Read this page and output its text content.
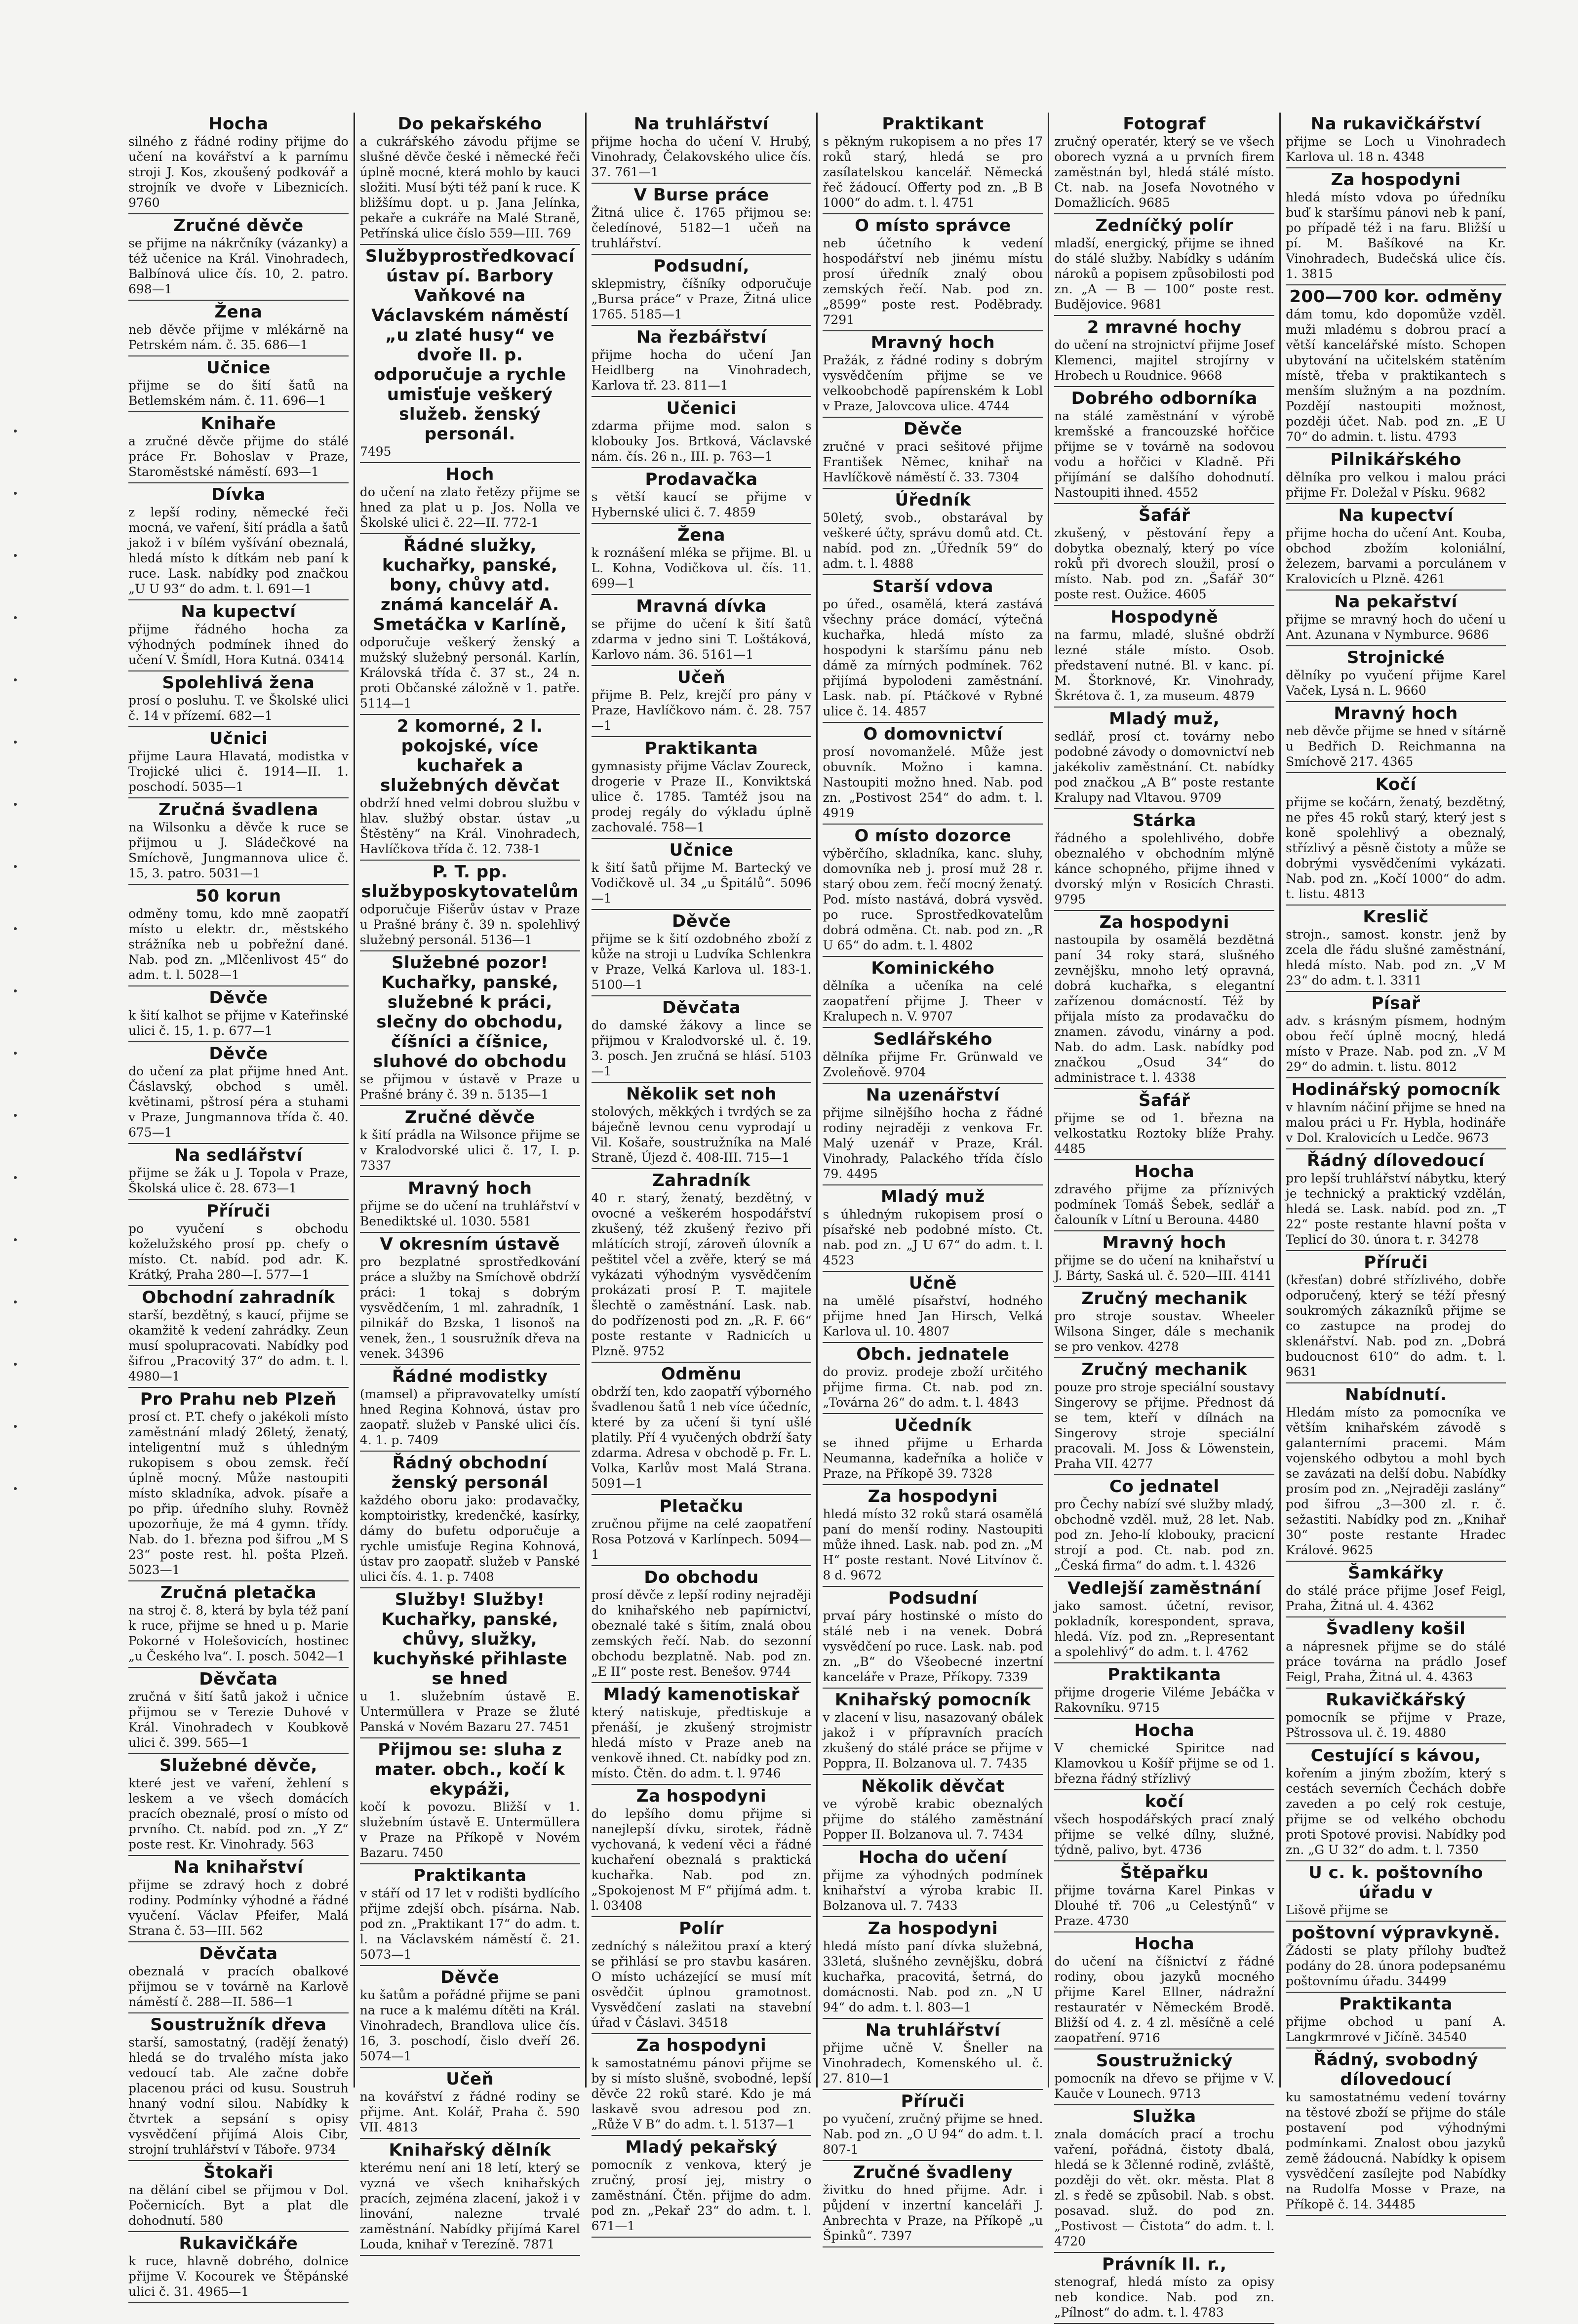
Hocha
silného z řádné rodiny přijme do učení na kovářství a k parnímu stroji J. Kos, zkoušený podkovář a strojník ve dvoře v Libeznicích. 9760
Zručné děvče
se přijme na nákrčníky (vázanky) a též učenice na Král. Vinohradech, Balbínová ulice čís. 10, 2. patro. 698—1
Žena
neb děvče přijme v mlékárně na Petrském nám. č. 35. 686—1
Učnice
přijme se do šití šatů na Betlemském nám. č. 11. 696—1
Knihaře
a zručné děvče přijme do stálé práce Fr. Bohoslav v Praze, Staroměstské náměstí. 693—1
Dívka
z lepší rodiny, německé řeči mocná, ve vaření, šití prádla a šatů jakož i v bílém vyšívání obeznalá, hledá místo k dítkám neb paní k ruce. Lask. nabídky pod značkou „U U 93“ do adm. t. l. 691—1
Na kupectví
přijme řádného hocha za výhodných podmínek ihned do učení V. Šmídl, Hora Kutná. 03414
Spolehlivá žena
prosí o posluhu. T. ve Školské ulici č. 14 v přízemí. 682—1
Učnici
přijme Laura Hlavatá, modistka v Trojické ulici č. 1914—II. 1. poschodí. 5035—1
Zručná švadlena
na Wilsonku a děvče k ruce se přijmou u J. Sládečkové na Smíchově, Jungmannova ulice č. 15, 3. patro. 5031—1
50 korun
odměny tomu, kdo mně zaopatří místo u elektr. dr., městského strážníka neb u pobřežní dané. Nab. pod zn. „Mlčenlivost 45“ do adm. t. l. 5028—1
Děvče
k šití kalhot se přijme v Kateřinské ulici č. 15, 1. p. 677—1
Děvče
do učení za plat přijme hned Ant. Čáslavský, obchod s uměl. květinami, pštrosí péra a stuhami v Praze, Jungmannova třída č. 40. 675—1
Na sedlářství
přijme se žák u J. Topola v Praze, Školská ulice č. 28. 673—1
Příruči
po vyučení s obchodu koželužského prosí pp. chefy o místo. Ct. nabíd. pod adr. K. Krátký, Praha 280—I. 577—1
Obchodní zahradník
starší, bezdětný, s kaucí, přijme se okamžitě k vedení zahrádky. Zeun musí spolupracovati. Nabídky pod šifrou „Pracovitý 37“ do adm. t. l. 4980—1
Pro Prahu neb Plzeň
prosí ct. P.T. chefy o jakékoli místo zaměstnání mladý 26letý, ženatý, inteligentní muž s úhledným rukopisem s obou zemsk. řečí úplně mocný. Může nastoupiti místo skladníka, advok. písaře a po přip. úředního sluhy. Rovněž upozorňuje, že má 4 gymn. třídy. Nab. do 1. března pod šifrou „M S 23“ poste rest. hl. pošta Plzeň. 5023—1
Zručná pletačka
na stroj č. 8, která by byla též paní k ruce, přijme se hned u p. Marie Pokorné v Holešovicích, hostinec „u Českého lva“. I. posch. 5042—1
Děvčata
zručná v šití šatů jakož i učnice přijmou se v Terezie Duhové v Král. Vinohradech v Koubkově ulici č. 399. 565—1
Služebné děvče,
které jest ve vaření, žehlení s leskem a ve všech domácích pracích obeznalé, prosí o místo od prvního. Ct. nabíd. pod zn. „Y Z“ poste rest. Kr. Vinohrady. 563
Na knihařství
přijme se zdravý hoch z dobré rodiny. Podmínky výhodné a řádné vyučení. Václav Pfeifer, Malá Strana č. 53—III. 562
Děvčata
obeznalá v pracích obalkové přijmou se v továrně na Karlově náměstí č. 288—II. 586—1
Soustružník dřeva
starší, samostatný, (radějí ženatý) hledá se do trvalého místa jako vedoucí tab. Ale začne dobře placenou práci od kusu. Soustruh hnaný vodní silou. Nabídky k čtvrtek a sepsání s opisy vysvědčení přijímá Alois Cibr, strojní truhlářství v Táboře. 9734
Štokaři
na dělání cibel se přijmou v Dol. Počernicích. Byt a plat dle dohodnutí. 580
Rukavičkáře
k ruce, hlavně dobrého, dolnice přijme V. Kocourek ve Štěpánské ulici č. 31. 4965—1
Do pekařského
a cukrářského závodu přijme se slušné děvče české i německé řeči úplně mocné, která mohlo by kauci složiti. Musí býti též paní k ruce. K bližšímu dopt. u p. Jana Jelínka, pekaře a cukráře na Malé Straně, Petřínská ulice číslo 559—III. 769
Službyprostředkovací ústav pí. Barbory Vaňkové na Václavském náměstí „u zlaté husy“ ve dvoře II. p. odporučuje a rychle umisťuje veškerý služeb. ženský personál.
7495
Hoch
do učení na zlato řetězy přijme se hned za plat u p. Jos. Nolla ve Školské ulici č. 22—II. 772-1
Řádné služky, kuchařky, panské, bony, chůvy atd. známá kancelář A. Smetáčka v Karlíně,
odporučuje veškerý ženský a mužský služebný personál. Karlín, Královská třída č. 37 st., 24 n. proti Občanské záložně v 1. patře. 5114—1
2 komorné, 2 l. pokojské, více kuchařek a služebných děvčat
obdrží hned velmi dobrou službu v hlav. službý obstar. ústav „u Štěstěny“ na Král. Vinohradech, Havlíčkova třída č. 12. 738-1
P. T. pp. službyposkytovatelům
odporučuje Fišerův ústav v Praze u Prašné brány č. 39 n. spolehlivý služebný personál. 5136—1
Služebné pozor! Kuchařky, panské, služebné k práci, slečny do obchodu, číšníci a číšnice, sluhové do obchodu
se přijmou v ústavě v Praze u Prašné brány č. 39 n. 5135—1
Zručné děvče
k šití prádla na Wilsonce přijme se v Kralodvorské ulici č. 17, I. p. 7337
Mravný hoch
přijme se do učení na truhlářství v Benediktské ul. 1030. 5581
V okresním ústavě
pro bezplatné sprostředkování práce a služby na Smíchově obdrží práci: 1 tokaj s dobrým vysvědčením, 1 ml. zahradník, 1 pilnikář do Bzska, 1 lisonoš na venek, žen., 1 sousružník dřeva na venek. 34396
Řádné modistky
(mamsel) a připravovatelky umístí hned Regina Kohnová, ústav pro zaopatř. služeb v Panské ulici čís. 4. 1. p. 7409
Řádný obchodní ženský personál
každého oboru jako: prodavačky, komptoiristky, kredenčké, kasírky, dámy do bufetu odporučuje a rychle umisťuje Regina Kohnová, ústav pro zaopatř. služeb v Panské ulici čís. 4. 1. p. 7408
Služby! Služby! Kuchařky, panské, chůvy, služky, kuchyňské přihlaste se hned
u 1. služebním ústavě E. Untermüllera v Praze se žluté Panská v Novém Bazaru 27. 7451
Přijmou se: sluha z mater. obch., kočí k ekypáži,
kočí k povozu. Bližší v 1. služebním ústavě E. Untermüllera v Praze na Příkopě v Novém Bazaru. 7450
Praktikanta
v stáří od 17 let v rodišti bydlícího přijme zdejší obch. písárna. Nab. pod zn. „Praktikant 17“ do adm. t. l. na Václavském náměstí č. 21. 5073—1
Děvče
ku šatům a pořádné přijme se pani na ruce a k malému dítěti na Král. Vinohradech, Brandlova ulice čís. 16, 3. poschodí, čislo dveří 26. 5074—1
Učeň
na kovářství z řádné rodiny se přijme. Ant. Kolář, Praha č. 590 VII. 4813
Knihařský dělník
kterému není ani 18 letí, který se vyzná ve všech knihařských pracích, zejména zlacení, jakož i v linování, nalezne trvalé zaměstnání. Nabídky přijímá Karel Louda, knihař v Terezíně. 7871
Na truhlářství
přijme hocha do učení V. Hrubý, Vinohrady, Čelakovského ulice čís. 37. 761—1
V Burse práce
Žitná ulice č. 1765 přijmou se: čeledínové, 5182—1 učeň na truhlářství.
Podsudní,
sklepmistry, číšníky odporučuje „Bursa práce“ v Praze, Žitná ulice 1765. 5185—1
Na řezbářství
přijme hocha do učení Jan Heidlberg na Vinohradech, Karlova tř. 23. 811—1
Učenici
zdarma přijme mod. salon s klobouky Jos. Brtková, Václavské nám. čís. 26 n., III. p. 763—1
Prodavačka
s větší kaucí se přijme v Hybernské ulici č. 7. 4859
Žena
k roznášení mléka se přijme. Bl. u L. Kohna, Vodičkova ul. čís. 11. 699—1
Mravná dívka
se přijme do učení k šití šatů zdarma v jedno sini T. Loštáková, Karlovo nám. 36. 5161—1
Učeň
přijme B. Pelz, krejčí pro pány v Praze, Havlíčkovo nám. č. 28. 757—1
Praktikanta
gymnasisty přijme Václav Zoureck, drogerie v Praze II., Konviktská ulice č. 1785. Tamtéž jsou na prodej regály do výkladu úplně zachovalé. 758—1
Učnice
k šití šatů přijme M. Bartecký ve Vodičkově ul. 34 „u Špitálů“. 5096—1
Děvče
přijme se k šití ozdobného zboží z kůže na stroji u Ludvíka Schlenkra v Praze, Velká Karlova ul. 183-1. 5100—1
Děvčata
do damské žákovy a lince se přijmou v Kralodvorské ul. č. 19. 3. posch. Jen zručná se hlásí. 5103—1
Několik set noh
stolových, měkkých i tvrdých se za báječně levnou cenu vyprodají u Vil. Košaře, soustružníka na Malé Straně, Újezd č. 408-III. 715—1
Zahradník
40 r. starý, ženatý, bezdětný, v ovocné a veškerém hospodářství zkušený, též zkušený řezivo při mlátících strojí, zároveň úlovník a peštitel včel a zvěře, který se má vykázati výhodným vysvědčením prokázati prosí P. T. majitele šlechtě o zaměstnání. Lask. nab. do podřízenosti pod zn. „R. F. 66“ poste restante v Radnicích u Plzně. 9752
Odměnu
obdrží ten, kdo zaopatří výborného švadlenou šatů 1 neb více účedníc, které by za učení ši tyní ušlé platily. Pří 4 vyučených obdrží šaty zdarma. Adresa v obchodě p. Fr. L. Volka, Karlův most Malá Strana. 5091—1
Pletačku
zručnou přijme na celé zaopatření Rosa Potzová v Karlínpech. 5094—1
Do obchodu
prosí děvče z lepší rodiny nejraději do knihařského neb papírnictví, obeznalé také s šitím, znalá obou zemských řečí. Nab. do sezonní obchodu bezplatně. Nab. pod zn. „E II“ poste rest. Benešov. 9744
Mladý kamenotiskař
který natiskuje, předtiskuje a přenáší, je zkušený strojmistr hledá místo v Praze aneb na venkově ihned. Ct. nabídky pod zn. místo. Čtěn. do adm. t. l. 9746
Za hospodyni
do lepšího domu přijme si nanejlepší dívku, sirotek, řádně vychovaná, k vedení věci a řádné kuchaření obeznalá s praktická kuchařka. Nab. pod zn. „Spokojenost M F“ přijímá adm. t. l. 03408
Polír
zedníchý s náležitou praxí a který se přihlásí se pro stavbu kasáren. O místo ucházející se musí mít osvědčit úplnou gramotnost. Vysvědčení zaslati na stavební úřad v Čáslavi. 34518
Za hospodyni
k samostatnému pánovi přijme se by si místo slušně, svobodné, lepší děvče 22 roků staré. Kdo je má laskavě svou adresou pod zn. „Růže V B“ do adm. t. l. 5137—1
Mladý pekařský
pomocník z venkova, který je zručný, prosí jej, mistry o zaměstnání. Čtěn. přijme do adm. pod zn. „Pekař 23“ do adm. t. l. 671—1
Praktikant
s pěkným rukopisem a no přes 17 roků starý, hledá se pro zasílatelskou kancelář. Německá řeč žádoucí. Offerty pod zn. „B B 1000“ do adm. t. l. 4751
O místo správce
neb účetního k vedení hospodářství neb jinému místu prosí úředník znalý obou zemských řečí. Nab. pod zn. „8599“ poste rest. Poděbrady. 7291
Mravný hoch
Pražák, z řádné rodiny s dobrým vysvědčením přijme se ve velkoobchodě papírenském k Lobl v Praze, Jalovcova ulice. 4744
Děvče
zručné v praci sešitové přijme František Němec, knihař na Havlíčkově náměstí č. 33. 7304
Úředník
50letý, svob., obstarával by veškeré účty, správu domů atd. Ct. nabíd. pod zn. „Úředník 59“ do adm. t. l. 4888
Starší vdova
po úřed., osamělá, která zastává všechny práce domácí, výtečná kuchařka, hledá místo za hospodyni k staršímu pánu neb dámě za mírných podmínek. 762 přijímá bypolodeni zaměstnání. Lask. nab. pí. Ptáčkové v Rybné ulice č. 14. 4857
O domovnictví
prosí novomanželé. Může jest obuvník. Možno i kamna. Nastoupiti možno hned. Nab. pod zn. „Postivost 254“ do adm. t. l. 4919
O místo dozorce
výběrčího, skladníka, kanc. sluhy, domovníka neb j. prosí muž 28 r. starý obou zem. řečí mocný ženatý. Pod. místo nastává, dobrá vysvěd. po ruce. Sprostředkovatelům dobrá odměna. Ct. nab. pod zn. „R U 65“ do adm. t. l. 4802
Kominického
dělníka a učeníka na celé zaopatření přijme J. Theer v Kralupech n. V. 9707
Sedlářského
dělníka přijme Fr. Grünwald ve Zvoleňově. 9704
Na uzenářství
přijme silnějšího hocha z řádné rodiny nejraději z venkova Fr. Malý uzenář v Praze, Král. Vinohrady, Palackého třída číslo 79. 4495
Mladý muž
s úhledným rukopisem prosí o písařské neb podobné místo. Ct. nab. pod zn. „J U 67“ do adm. t. l. 4523
Učně
na umělé písařství, hodného přijme hned Jan Hirsch, Velká Karlova ul. 10. 4807
Obch. jednatele
do proviz. prodeje zboží určitého přijme firma. Ct. nab. pod zn. „Továrna 26“ do adm. t. l. 4843
Učedník
se ihned přijme u Erharda Neumanna, kadeřníka a holiče v Praze, na Příkopě 39. 7328
Za hospodyni
hledá místo 32 roků stará osamělá paní do menší rodiny. Nastoupiti může ihned. Lask. nab. pod zn. „M H“ poste restant. Nové Litvínov č. 8 d. 9672
Podsudní
prvaí páry hostinské o místo do stálé neb i na venek. Dobrá vysvědčení po ruce. Lask. nab. pod zn. „B“ do Všeobecné inzertní kanceláře v Praze, Příkopy. 7339
Knihařský pomocník
v zlacení v lisu, nasazovaný obálek jakož i v přípravních pracích zkušený do stálé práce se přijme v Poppra, II. Bolzanova ul. 7. 7435
Několik děvčat
ve výrobě krabic obeznalých přijme do stálého zaměstnání Popper II. Bolzanova ul. 7. 7434
Hocha do učení
přijme za výhodných podmínek knihařství a výroba krabic II. Bolzanova ul. 7. 7433
Za hospodyni
hledá místo paní dívka služebná, 33letá, slušného zevnějšku, dobrá kuchařka, pracovitá, šetrná, do domácnosti. Nab. pod zn. „N U 94“ do adm. t. l. 803—1
Na truhlářství
přijme učně V. Šneller na Vinohradech, Komenského ul. č. 27. 810—1
Příruči
po vyučení, zručný přijme se hned. Nab. pod zn. „O U 94“ do adm. t. l. 807-1
Zručné švadleny
živitku do hned přijme. Adr. i půjdení v inzertní kanceláři J. Anbrechta v Praze, na Příkopě „u Špinků“. 7397
Fotograf
zručný operatér, který se ve všech oborech vyzná a u prvních firem zaměstnán byl, hledá stálé místo. Ct. nab. na Josefa Novotného v Domažlicích. 9685
Zedníčký polír
mladší, energický, přijme se ihned do stálé služby. Nabídky s udáním nároků a popisem způsobilosti pod zn. „A — B — 100“ poste rest. Budějovice. 9681
2 mravné hochy
do učení na strojnictví přijme Josef Klemenci, majitel strojírny v Hrobech u Roudnice. 9668
Dobrého odborníka
na stálé zaměstnání v výrobě kremšské a francouzské hořčice přijme se v továrně na sodovou vodu a hořčici v Kladně. Při přijímání se dalšího dohodnutí. Nastoupiti ihned. 4552
Šafář
zkušený, v pěstování řepy a dobytka obeznalý, který po více roků při dvorech sloužil, prosí o místo. Nab. pod zn. „Šafář 30“ poste rest. Oužice. 4605
Hospodyně
na farmu, mladé, slušné obdrží lezné stále místo. Osob. představení nutné. Bl. v kanc. pí. M. Štorknové, Kr. Vinohrady, Škrétova č. 1, za museum. 4879
Mladý muž,
sedlář, prosí ct. továrny nebo podobné závody o domovnictví neb jakékoliv zaměstnání. Ct. nabídky pod značkou „A B“ poste restante Kralupy nad Vltavou. 9709
Stárka
řádného a spolehlivého, dobře obeznalého v obchodním mlýně kánce schopného, přijme ihned v dvorský mlýn v Rosicích Chrasti. 9795
Za hospodyni
nastoupila by osamělá bezdětná paní 34 roky stará, slušného zevnějšku, mnoho letý opravná, dobrá kuchařka, s elegantní zařízenou domácností. Též by přijala místo za prodavačku do znamen. závodu, vinárny a pod. Nab. do adm. Lask. nabídky pod značkou „Osud 34“ do administrace t. l. 4338
Šafář
přijme se od 1. března na velkostatku Roztoky blíže Prahy. 4485
Hocha
zdravého přijme za příznivých podmínek Tomáš Šebek, sedlář a čalouník v Lítní u Berouna. 4480
Mravný hoch
přijme se do učení na knihařství u J. Bárty, Saská ul. č. 520—III. 4141
Zručný mechanik
pro stroje soustav. Wheeler Wilsona Singer, dále s mechanik se pro venkov. 4278
Zručný mechanik
pouze pro stroje speciální soustavy Singerovy se přijme. Přednost dá se tem, kteří v dílnách na Singerovy stroje speciální pracovali. M. Joss & Löwenstein, Praha VII. 4277
Co jednatel
pro Čechy nabízí své služby mladý, obchodně vzděl. muž, 28 let. Nab. pod zn. Jeho-lí klobouky, pracicní strojí a pod. Ct. nab. pod zn. „Česká firma“ do adm. t. l. 4326
Vedlejší zaměstnání
jako samost. účetní, revisor, pokladník, korespondent, sprava, hledá. Víz. pod zn. „Representant a spolehlivý“ do adm. t. l. 4762
Praktikanta
přijme drogerie Viléme Jebáčka v Rakovníku. 9715
Hocha
V chemické Spiritce nad Klamovkou u Košíř přijme se od 1. března řádný střízlivý
kočí
všech hospodářských prací znalý přijme se velké dílny, služné, týdně, palivo, byt. 4736
Štěpařku
přijme továrna Karel Pinkas v Dlouhé tř. 706 „u Celestýnů“ v Praze. 4730
Hocha
do učení na číšnictví z řádné rodiny, obou jazyků mocného přijme Karel Ellner, nádražní restauratér v Německém Brodě. Bližší od 4. z. 4 zl. měsíčně a celé zaopatření. 9716
Soustružnický
pomocník na dřevo se přijme v V. Kauče v Lounech. 9713
Služka
znala domácích prací a trochu vaření, pořádná, čistoty dbalá, hledá se k 3členné rodině, zvláště, později do vět. okr. města. Plat 8 zl. s ředě se způsobil. Nab. s obst. posavad. služ. do pod zn. „Postivost — Čistota“ do adm. t. l. 4720
Právník II. r.,
stenograf, hledá místo za opisy neb kondice. Nab. pod zn. „Pílnost“ do adm. t. l. 4783
Na rukavičkářství
přijme se Loch u Vinohradech Karlova ul. 18 n. 4348
Za hospodyni
hledá místo vdova po úředníku buď k staršímu pánovi neb k paní, po případě též i na faru. Bližší u pí. M. Bašíkové na Kr. Vinohradech, Budečská ulice čís. 1. 3815
200—700 kor. odměny
dám tomu, kdo dopomůže vzděl. muži mladému s dobrou prací a větší kancelářské místo. Schopen ubytování na učitelském statěním místě, třeba v praktikantech s menším služným a na pozdním. Pozdějí nastoupiti možnost, později účet. Nab. pod zn. „E U 70“ do admin. t. listu. 4793
Pilnikářského
dělníka pro velkou i malou práci přijme Fr. Doležal v Písku. 9682
Na kupectví
přijme hocha do učení Ant. Kouba, obchod zbožím koloniální, železem, barvami a porculánem v Kralovicích u Plzně. 4261
Na pekařství
přijme se mravný hoch do učení u Ant. Azunana v Nymburce. 9686
Strojnické
dělníky po vyučení přijme Karel Vaček, Lysá n. L. 9660
Mravný hoch
neb děvče přijme se hned v sítárně u Bedřich D. Reichmanna na Smíchově 217. 4365
Kočí
přijme se kočárn, ženatý, bezdětný, ne přes 45 roků starý, který jest s koně spolehlivý a obeznalý, střízlivý a pěsně čistoty a může se dobrými vysvědčeními vykázati. Nab. pod zn. „Kočí 1000“ do adm. t. listu. 4813
Kreslič
strojn., samost. konstr. jenž by zcela dle řádu slušné zaměstnání, hledá místo. Nab. pod zn. „V M 23“ do adm. t. l. 3311
Písař
adv. s krásným písmem, hodným obou řečí úplně mocný, hledá místo v Praze. Nab. pod zn. „V M 29“ do admin. t. listu. 8012
Hodinářský pomocník
v hlavním náčiní přijme se hned na malou práci u Fr. Hybla, hodináře v Dol. Kralovicích u Ledče. 9673
Řádný dílovedoucí
pro lepší truhlářství nábytku, který je technický a praktický vzdělán, hledá se. Lask. nabíd. pod zn. „T 22“ poste restante hlavní pošta v Teplicí do 30. února t. r. 34278
Příruči
(křesťan) dobré střízlivého, dobře odporučený, který se téží přesný soukromých zákazníků přijme se co zastupce na prodej do sklenářství. Nab. pod zn. „Dobrá budoucnost 610“ do adm. t. l. 9631
Nabídnutí.
Hledám místo za pomocníka ve větším knihařském závodě s galanterními pracemi. Mám vojenského odbytou a mohl bych se zavázati na delší dobu. Nabídky prosím pod zn. „Nejraději zaslány“ pod šifrou „3—300 zl. r. č. sežastiti. Nabídky pod zn. „Knihař 30“ poste restante Hradec Králové. 9625
Šamkářky
do stálé práce přijme Josef Feigl, Praha, Žitná ul. 4. 4362
Švadleny košil
a nápresnek přijme se do stálé práce továrna na prádlo Josef Feigl, Praha, Žitná ul. 4. 4363
Rukavičkářský
pomocník se přijme v Praze, Pštrossova ul. č. 19. 4880
Cestující s kávou,
kořením a jiným zbožím, který s cestách severních Čechách dobře zaveden a po celý rok cestuje, přijme se od velkého obchodu proti Spotové provisi. Nabídky pod zn. „G U 32“ do adm. t. l. 7350
U c. k. poštovního úřadu v
Lišově přijme se
poštovní výpravkyně.
Žádosti se platy přílohy buďtež podány do 28. února podepsanému poštovnímu úřadu. 34499
Praktikanta
přijme obchod u paní A. Langkrmrové v Jičíně. 34540
Řádný, svobodný dílovedoucí
ku samostatnému vedení továrny na těstové zboží se přijme do stále postavení pod výhodnými podmínkami. Znalost obou jazyků země žádoucná. Nabídky k opisem vysvědčení zasílejte pod Nabídky na Rudolfa Mosse v Praze, na Příkopě č. 14. 34485
